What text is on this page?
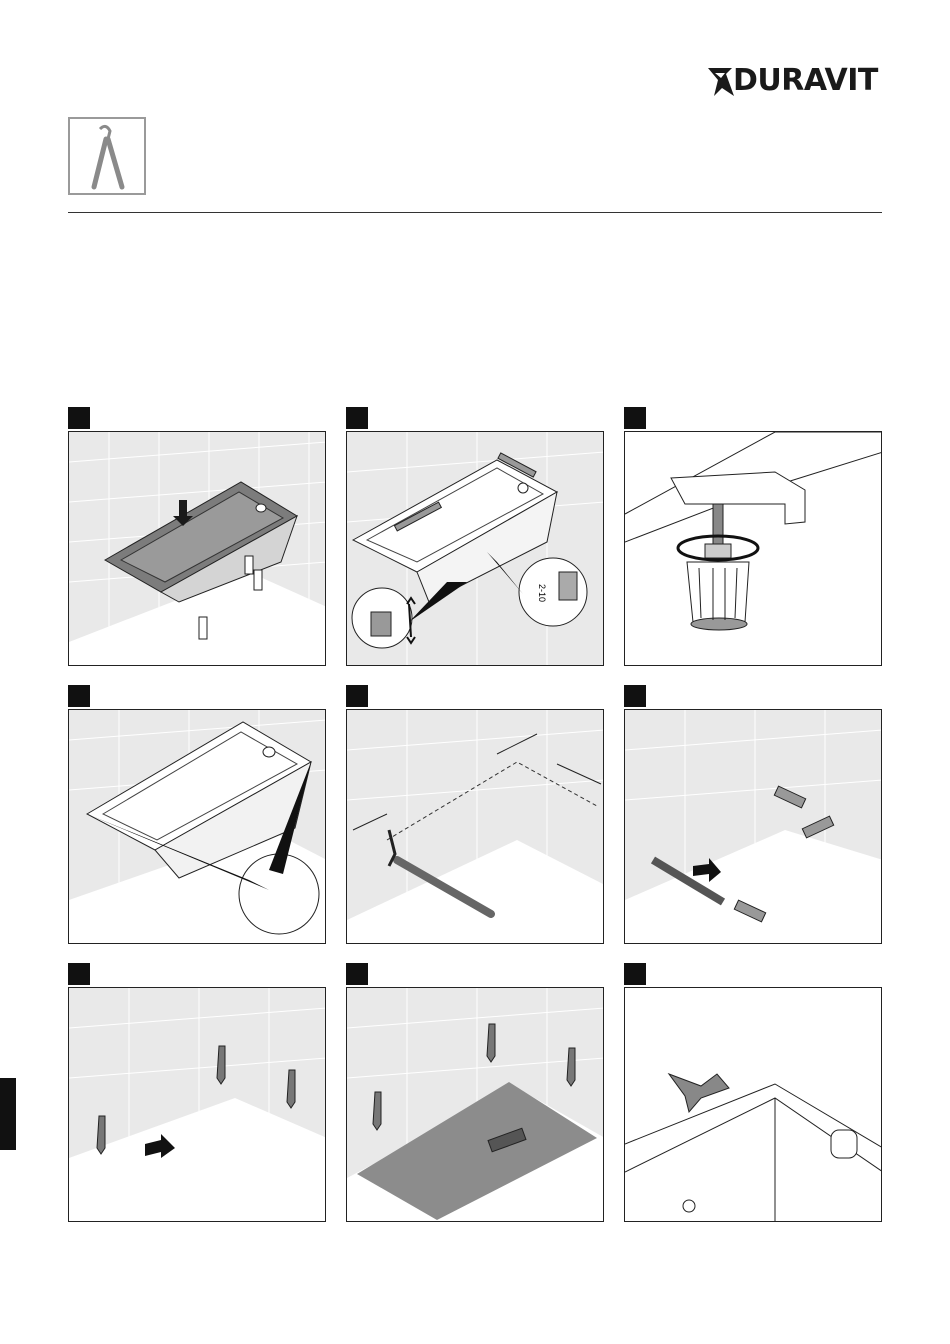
DURAVIT
2-10
